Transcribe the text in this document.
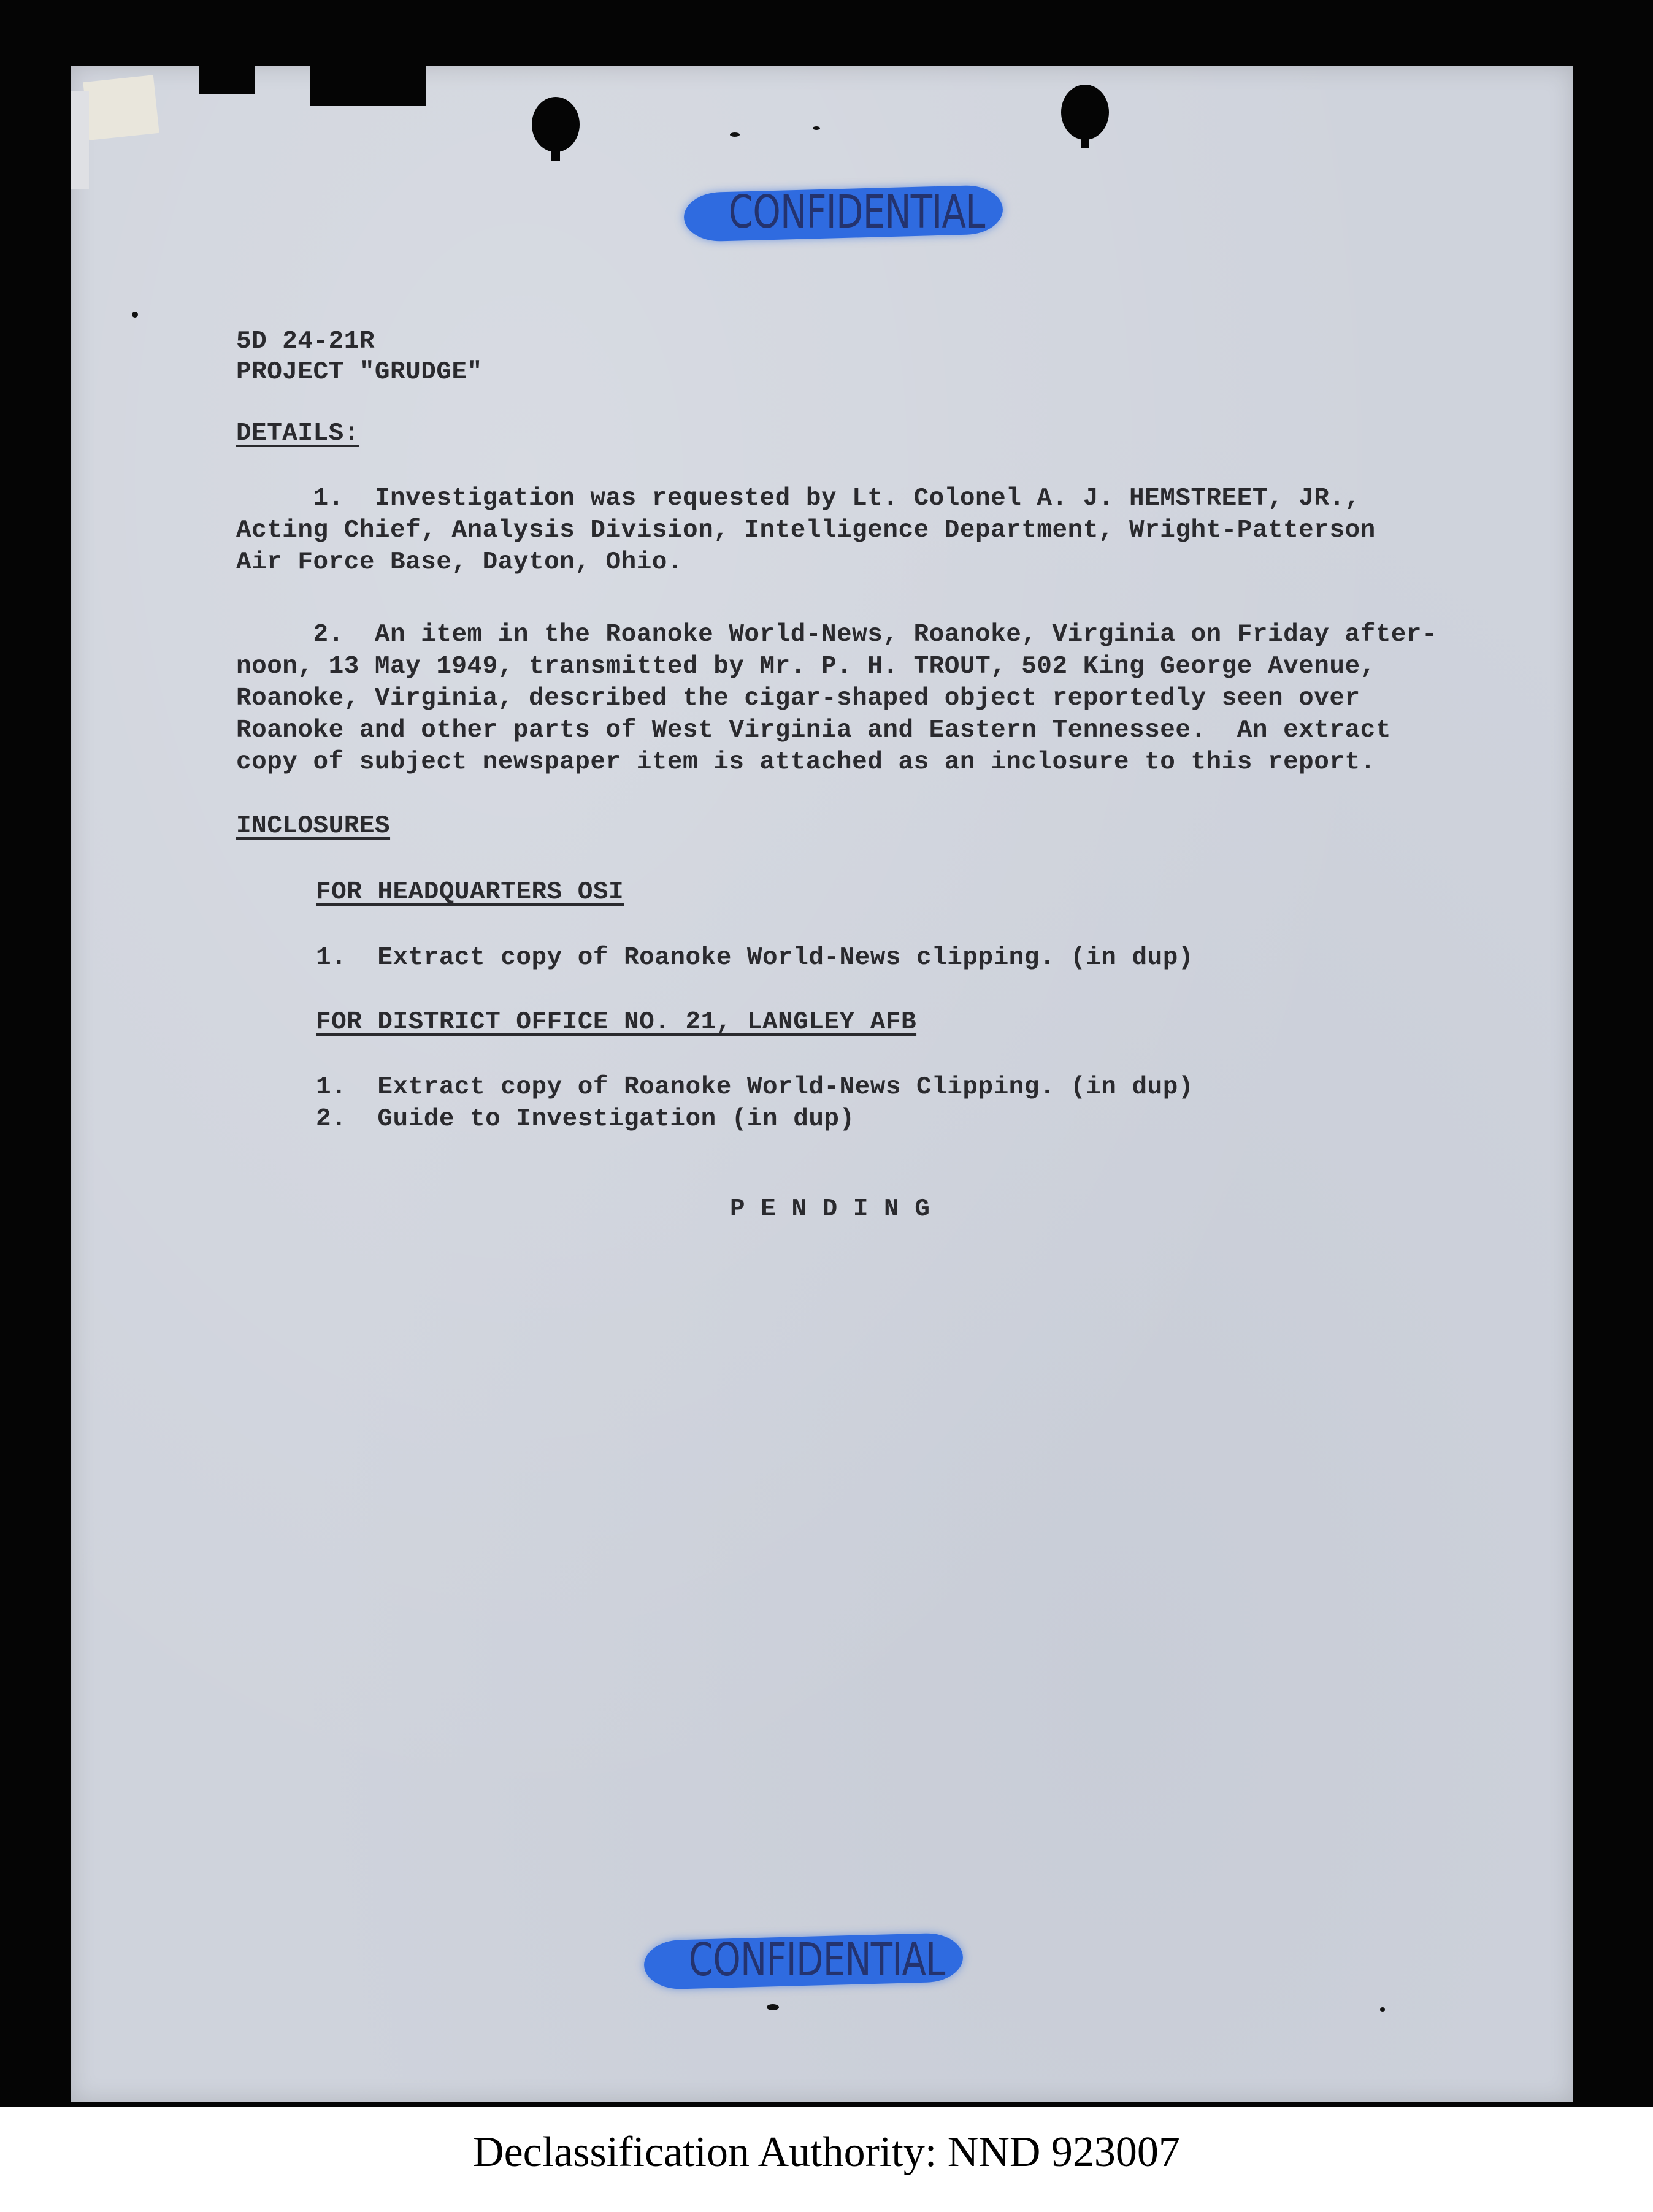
CONFIDENTIAL
5D 24-21R
PROJECT "GRUDGE"
DETAILS:
1.  Investigation was requested by Lt. Colonel A. J. HEMSTREET, JR.,
Acting Chief, Analysis Division, Intelligence Department, Wright-Patterson
Air Force Base, Dayton, Ohio.
2.  An item in the Roanoke World-News, Roanoke, Virginia on Friday after-
noon, 13 May 1949, transmitted by Mr. P. H. TROUT, 502 King George Avenue,
Roanoke, Virginia, described the cigar-shaped object reportedly seen over
Roanoke and other parts of West Virginia and Eastern Tennessee.  An extract
copy of subject newspaper item is attached as an inclosure to this report.
INCLOSURES
FOR HEADQUARTERS OSI
1.  Extract copy of Roanoke World-News clipping. (in dup)
FOR DISTRICT OFFICE NO. 21, LANGLEY AFB
1.  Extract copy of Roanoke World-News Clipping. (in dup)
2.  Guide to Investigation (in dup)
P E N D I N G
CONFIDENTIAL
Declassification Authority: NND 923007
